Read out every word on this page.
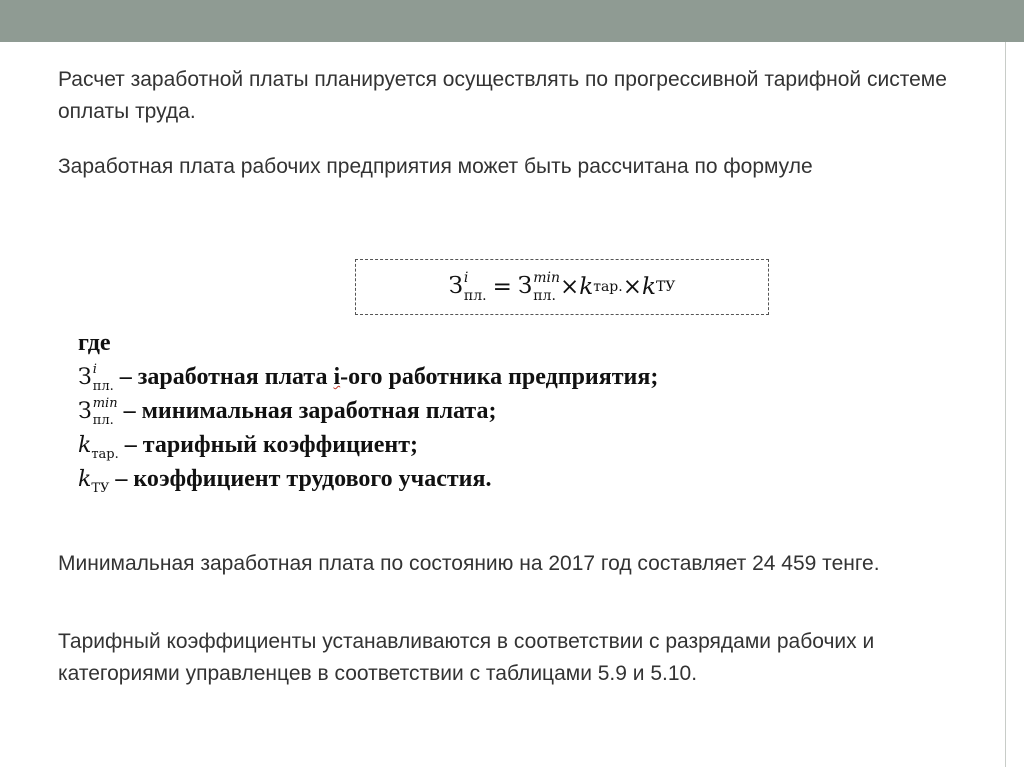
Расчет заработной платы планируется осуществлять по прогрессивной тарифной системе оплаты труда.

Заработная плата рабочих предприятия может быть рассчитана по формуле

З i
пл. = З min
пл. × k тар. × k ТУ
где
З i
пл. – заработная плата i-ого работника предприятия;
З min
пл. – минимальная заработная плата;
$k_{тар.}$ – тарифный коэффициент;
$k_{ТУ}$ – коэффициент трудового участия.

Минимальная заработная плата по состоянию на 2017 год составляет 24 459 тенге.

Тарифный коэффициенты устанавливаются в соответствии с разрядами рабочих и категориями управленцев в соответствии с таблицами 5.9 и 5.10.
